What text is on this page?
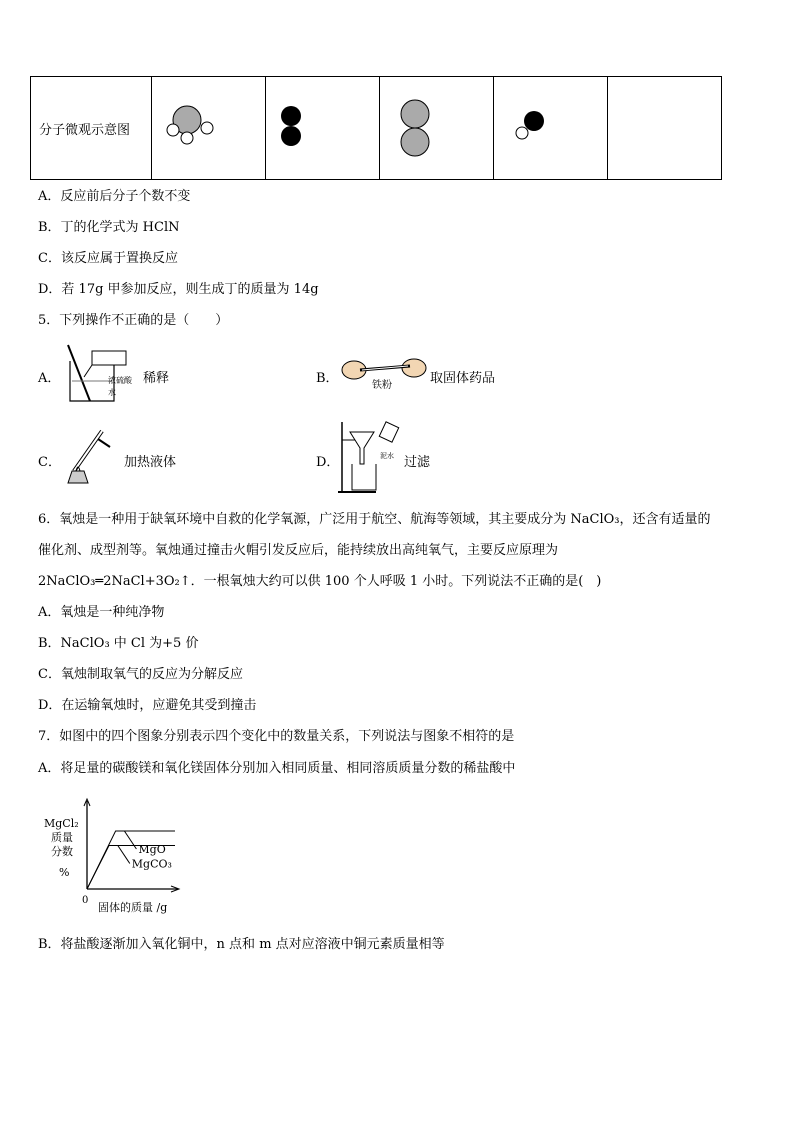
分子微观示意图					
A．反应前后分子个数不变
B．丁的化学式为 HClN
C．该反应属于置换反应
D．若 17g 甲参加反应，则生成丁的质量为 14g
5．下列操作不正确的是（　　）
A．	浓硫酸
水
稀释	B．	铁粉	取固体药品
C．	加热液体	D．	泥水 过滤
6．氧烛是一种用于缺氧环境中自救的化学氧源，广泛用于航空、航海等领域，其主要成分为 NaClO₃，还含有适量的
催化剂、成型剂等。氧烛通过撞击火帽引发反应后，能持续放出高纯氧气，主要反应原理为
2NaClO₃═2NaCl+3O₂↑．一根氧烛大约可以供 100 个人呼吸 1 小时。下列说法不正确的是(　)
A．氧烛是一种纯净物
B．NaClO₃ 中 Cl 为+5 价
C．氧烛制取氧气的反应为分解反应
D．在运输氧烛时，应避免其受到撞击
7．如图中的四个图象分别表示四个变化中的数量关系，下列说法与图象不相符的是
A．将足量的碳酸镁和氧化镁固体分别加入相同质量、相同溶质质量分数的稀盐酸中
MgCl₂
质量
分数
%
0
固体的质量 /g
MgCO₃
MgO
B．将盐酸逐渐加入氧化铜中，n 点和 m 点对应溶液中铜元素质量相等
